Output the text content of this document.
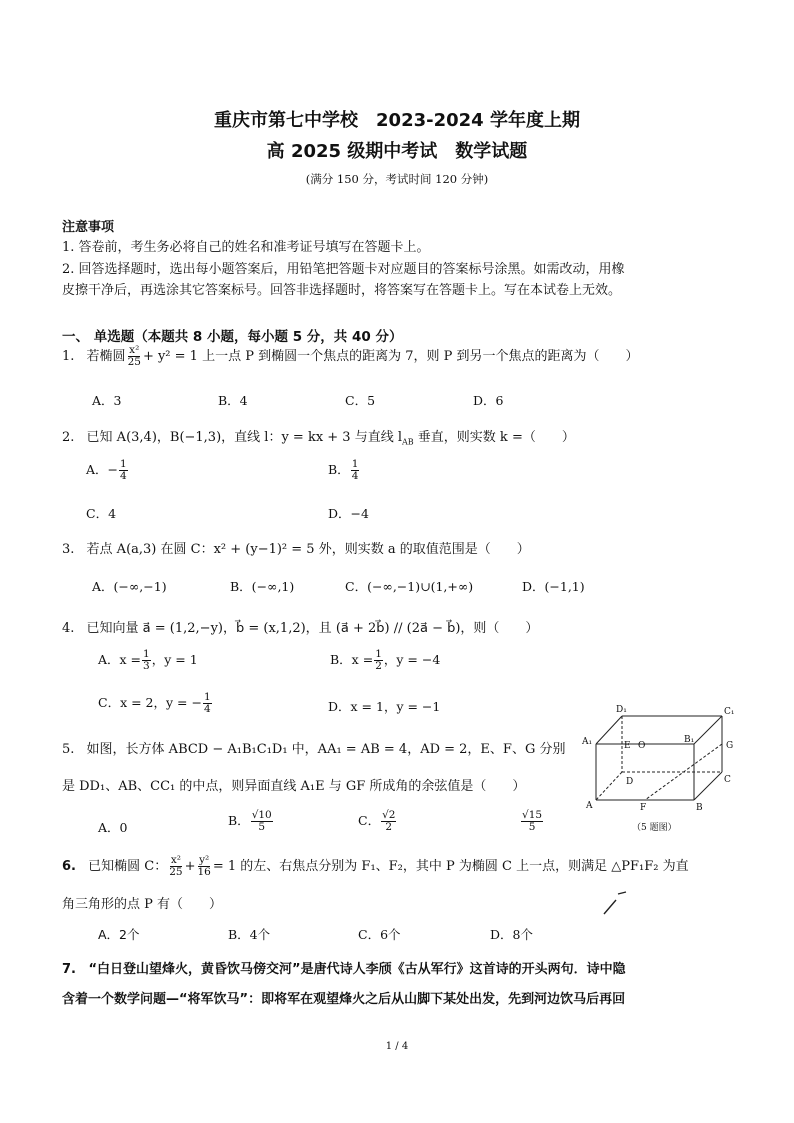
重庆市第七中学校　2023-2024 学年度上期
高 2025 级期中考试　数学试题
(满分 150 分，考试时间 120 分钟)
注意事项
1. 答卷前，考生务必将自己的姓名和准考证号填写在答题卡上。
2. 回答选择题时，选出每小题答案后，用铅笔把答题卡对应题目的答案标号涂黑。如需改动，用橡
皮擦干净后，再选涂其它答案标号。回答非选择题时，将答案写在答题卡上。写在本试卷上无效。
一、 单选题（本题共 8 小题，每小题 5 分，共 40 分）
1. 若椭圆 $\frac{\text{x²}}{25} + y^2 = 1$ 上一点 P 到椭圆一个焦点的距离为 7，则 P 到另一个焦点的距离为（　　）
A．3	B．4	C．5	D．6
2. 已知 A(3,4)，B(−1,3)，直线 l：y = kx + 3 与直线 $l_{AB}$ 垂直，则实数 k =（　　）
A．− $\frac{1}{4}$	B． $\frac{1}{4}$
C．4	D．−4
3. 若点 A(a,3) 在圆 C：x² + (y−1)² = 5 外，则实数 a 的取值范围是（　　）
A．(−∞,−1)	B．(−∞,1)	C．(−∞,−1)∪(1,+∞)	D．(−1,1)
4. 已知向量 a⃗ = (1,2,−y)，b⃗ = (x,1,2)，且 (a⃗ + 2b⃗) // (2a⃗ − b⃗)，则（　　）
A．$x = \frac{1}{3}$ ，y = 1	B．$x = \frac{1}{2}$ ，y = −4
C．x = 2，y = − $\frac{1}{4}$	D．x = 1，y = −1
5. 如图，长方体 ABCD − A₁B₁C₁D₁ 中，AA₁ = AB = 4，AD = 2，E、F、G 分别
是 DD₁、AB、CC₁ 的中点，则异面直线 A₁E 与 GF 所成角的余弦值是（　　）
A．0	B． $\frac{√10}{5}$	C． $\frac{√2}{2}$	$\frac{√15}{5}$
D₁	C₁
A₁	B₁
E O	G
D	C
A	F	B
（5 题图）
6. 已知椭圆 C： $\frac{\text{x²}}{25} + \frac{\text{y²}}{16} = 1$ 的左、右焦点分别为 F₁、F₂，其中 P 为椭圆 C 上一点，则满足 △PF₁F₂ 为直
角三角形的点 P 有（　　）
A．2个	B．4个	C．6个	D．8个
7. “白日登山望烽火，黄昏饮马傍交河”是唐代诗人李颀《古从军行》这首诗的开头两句．诗中隐
含着一个数学问题—“将军饮马”：即将军在观望烽火之后从山脚下某处出发，先到河边饮马后再回
1 / 4
